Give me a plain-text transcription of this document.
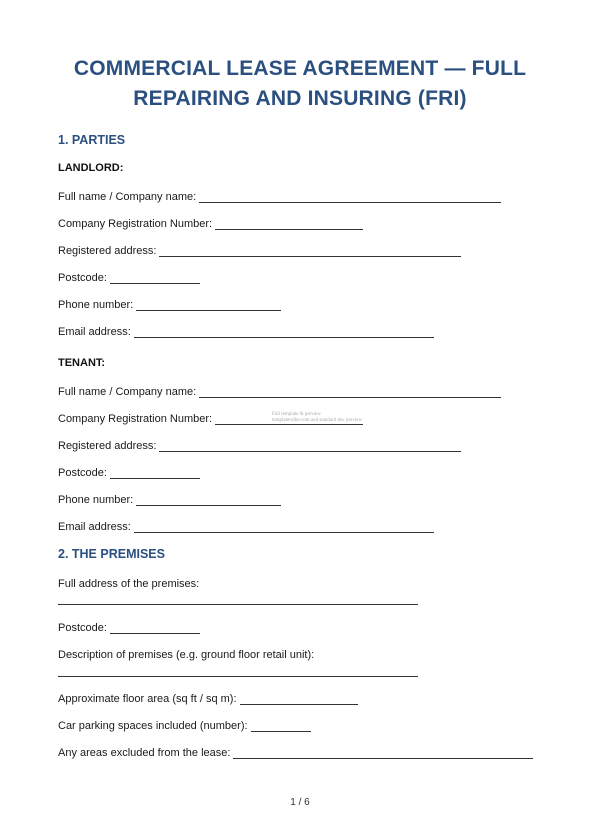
COMMERCIAL LEASE AGREEMENT — FULL
REPAIRING AND INSURING (FRI)
1. PARTIES
LANDLORD:
Full name / Company name:
Company Registration Number:
Registered address:
Postcode:
Phone number:
Email address:
TENANT:
Full name / Company name:
Company Registration Number:
Registered address:
Postcode:
Phone number:
Email address:
2. THE PREMISES
Full address of the premises:
Postcode:
Description of premises (e.g. ground floor retail unit):
Approximate floor area (sq ft / sq m):
Car parking spaces included (number):
Any areas excluded from the lease:
Full template & preview
templateroller.com and standard doc preview
1 / 6
